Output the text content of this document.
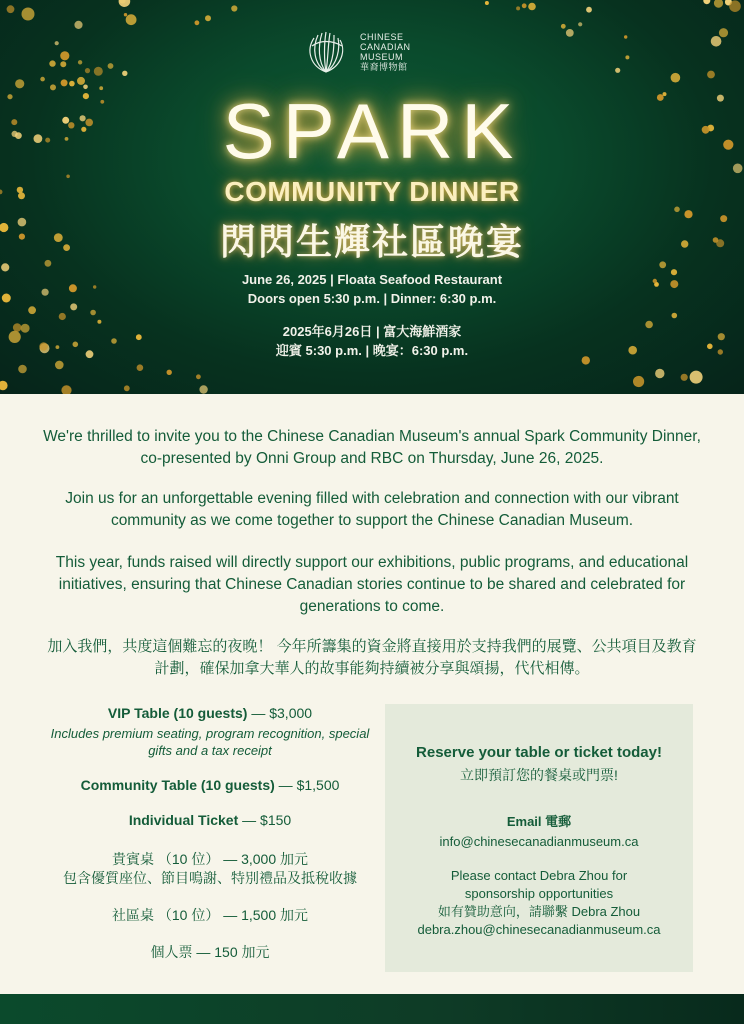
CHINESE
CANADIAN
MUSEUM
華裔博物館
SPARK
COMMUNITY DINNER
閃閃生輝社區晚宴
June 26, 2025 | Floata Seafood Restaurant
Doors open 5:30 p.m. | Dinner: 6:30 p.m.
2025年6月26日 | 富大海鮮酒家
迎賓 5:30 p.m. | 晚宴：6:30 p.m.
We're thrilled to invite you to the Chinese Canadian Museum's annual Spark Community Dinner, co-presented by Onni Group and RBC on Thursday, June 26, 2025.
Join us for an unforgettable evening filled with celebration and connection with our vibrant community as we come together to support the Chinese Canadian Museum.
This year, funds raised will directly support our exhibitions, public programs, and educational initiatives, ensuring that Chinese Canadian stories continue to be shared and celebrated for generations to come.
加入我們，共度這個難忘的夜晚！ 今年所籌集的資金將直接用於支持我們的展覽、公共項目及教育計劃，確保加拿大華人的故事能夠持續被分享與頌揚，代代相傳。
VIP Table (10 guests) — $3,000
Includes premium seating, program recognition, special gifts and a tax receipt
Community Table (10 guests) — $1,500
Individual Ticket — $150
貴賓桌 （10 位） — 3,000 加元
包含優質座位、節目鳴謝、特別禮品及抵稅收據
社區桌 （10 位） — 1,500 加元
個人票 — 150 加元
Reserve your table or ticket today!
立即預訂您的餐桌或門票!
Email 電郵
info@chinesecanadianmuseum.ca
Please contact Debra Zhou for
sponsorship opportunities
如有贊助意向，請聯繫 Debra Zhou
debra.zhou@chinesecanadianmuseum.ca
